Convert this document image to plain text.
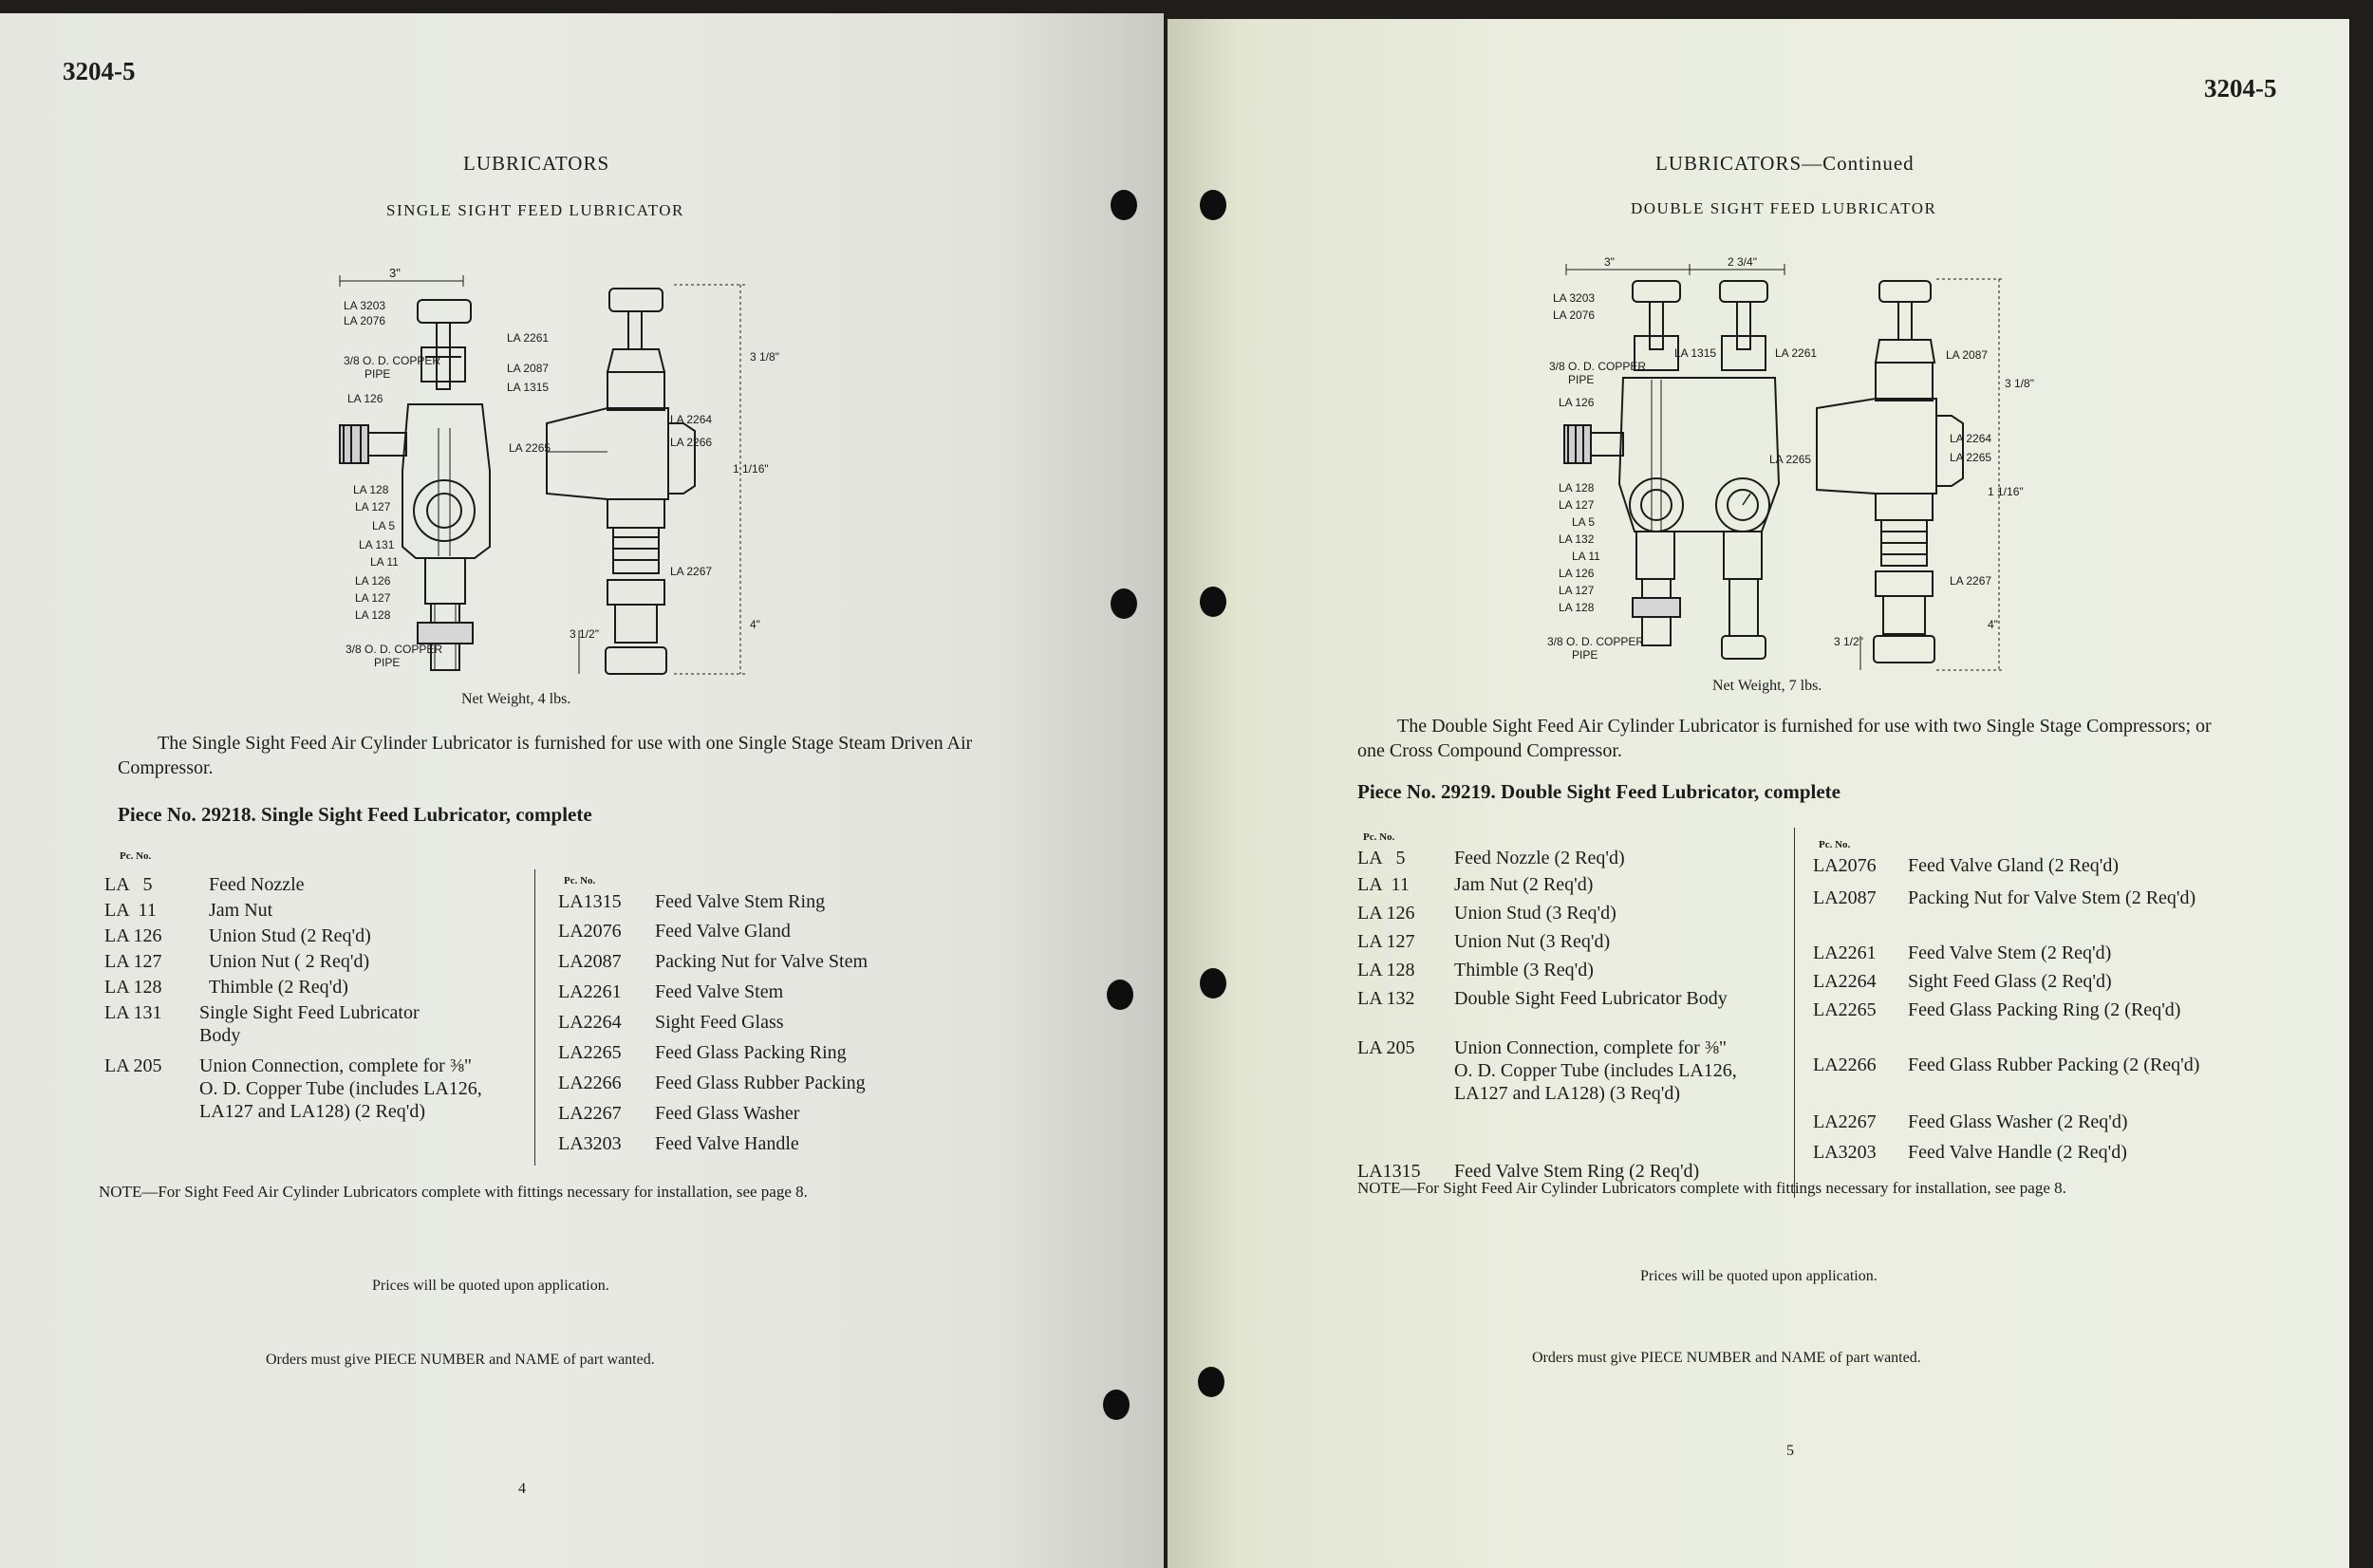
3204-5
LUBRICATORS
SINGLE SIGHT FEED LUBRICATOR
3"
3 1/8"
1 1/16"
4"
3 1/2"
LA 3203
LA 2076
3/8 O. D. COPPER
PIPE
LA 126
LA 128
LA 127
LA 5
LA 131
LA 11
LA 126
LA 127
LA 128
3/8 O. D. COPPER
PIPE
LA 2261
LA 2087
LA 1315
LA 2265
LA 2264
LA 2266
LA 2267
Net Weight, 4 lbs.
The Single Sight Feed Air Cylinder Lubricator is furnished for use with one Single Stage Steam Driven Air Compressor.
Piece No. 29218. Single Sight Feed Lubricator, complete
Pc. No.
LA   5	Feed Nozzle
LA  11	Jam Nut
LA 126 Union Stud (2 Req'd)
LA 127 Union Nut ( 2 Req'd)
LA 128 Thimble (2 Req'd)
LA 131 Single Sight Feed Lubricator Body
LA 205 Union Connection, complete for ⅜" O. D. Copper Tube (includes LA126, LA127 and LA128) (2 Req'd)
Pc. No.
LA1315 Feed Valve Stem Ring
LA2076 Feed Valve Gland
LA2087 Packing Nut for Valve Stem
LA2261 Feed Valve Stem
LA2264 Sight Feed Glass
LA2265 Feed Glass Packing Ring
LA2266 Feed Glass Rubber Packing
LA2267 Feed Glass Washer
LA3203 Feed Valve Handle
NOTE—For Sight Feed Air Cylinder Lubricators complete with fittings necessary for installation, see page 8.
Prices will be quoted upon application.
Orders must give PIECE NUMBER and NAME of part wanted.
4
3204-5
LUBRICATORS—Continued
DOUBLE SIGHT FEED LUBRICATOR
3"	2 3/4"
3 1/8"
1 1/16"
4"
3 1/2"
LA 3203
LA 2076
3/8 O. D. COPPER
PIPE
LA 126
LA 128
LA 127
LA 5
LA 132
LA 11
LA 126
LA 127
LA 128
3/8 O. D. COPPER
PIPE
LA 1315	LA 2261
LA 2265
LA 2087
LA 2264
LA 2265
LA 2267
Net Weight, 7 lbs.
The Double Sight Feed Air Cylinder Lubricator is furnished for use with two Single Stage Compressors; or one Cross Compound Compressor.
Piece No. 29219. Double Sight Feed Lubricator, complete
Pc. No.
LA   5	Feed Nozzle (2 Req'd)
LA  11 Jam Nut (2 Req'd)
LA 126 Union Stud (3 Req'd)
LA 127 Union Nut (3 Req'd)
LA 128 Thimble (3 Req'd)
LA 132 Double Sight Feed Lubricator Body
LA 205 Union Connection, complete for ⅜" O. D. Copper Tube (includes LA126, LA127 and LA128) (3 Req'd)
LA1315 Feed Valve Stem Ring (2 Req'd)
Pc. No.
LA2076 Feed Valve Gland (2 Req'd)
LA2087 Packing Nut for Valve Stem (2 Req'd)
LA2261 Feed Valve Stem (2 Req'd)
LA2264 Sight Feed Glass (2 Req'd)
LA2265 Feed Glass Packing Ring (2 (Req'd)
LA2266 Feed Glass Rubber Packing (2 (Req'd)
LA2267 Feed Glass Washer (2 Req'd)
LA3203 Feed Valve Handle (2 Req'd)
NOTE—For Sight Feed Air Cylinder Lubricators complete with fittings necessary for installation, see page 8.
Prices will be quoted upon application.
Orders must give PIECE NUMBER and NAME of part wanted.
5
